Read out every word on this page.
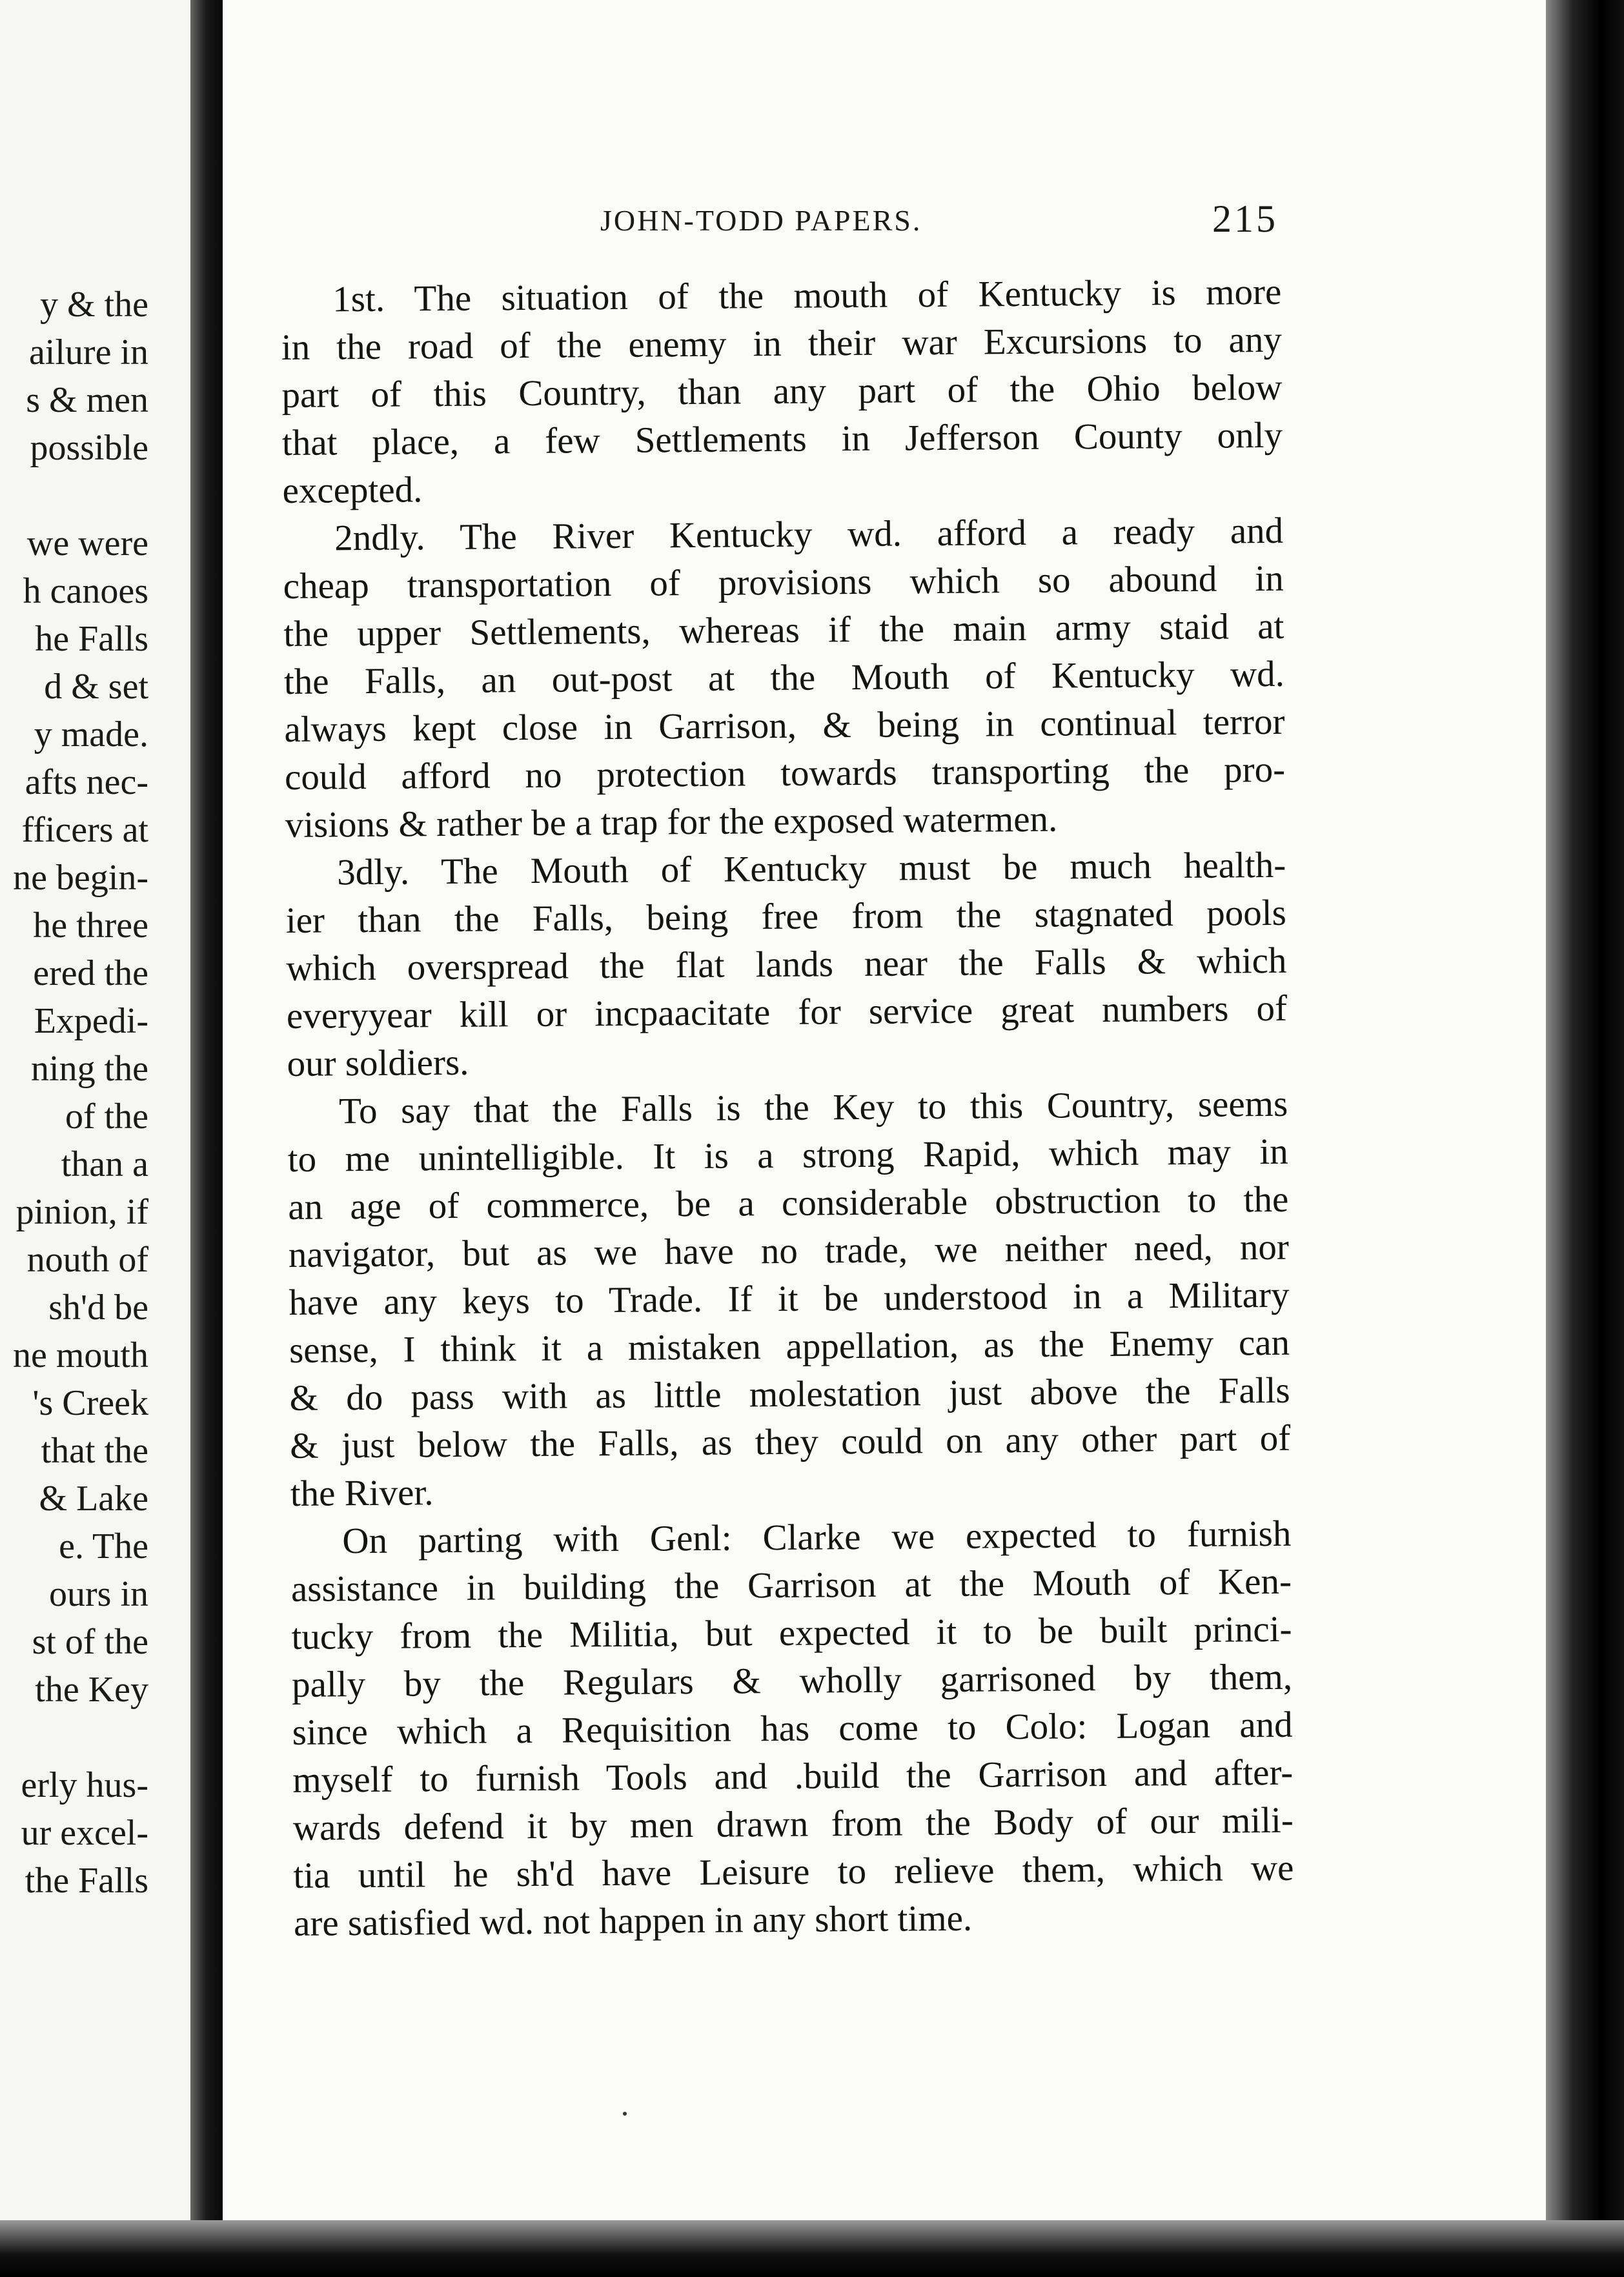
y & the
ailure in
s & men
possible
we were
h canoes
he Falls
d & set
y made.
afts nec-
fficers at
ne begin-
he three
ered the
Expedi-
ning the
of the
than a
pinion, if
nouth of
sh'd be
ne mouth
's Creek
that the
& Lake
e. The
ours in
st of the
the Key
erly hus-
ur excel-
the Falls
JOHN-TODD PAPERS.	215
1st. The situation of the mouth of Kentucky is more
in the road of the enemy in their war Excursions to any
part of this Country, than any part of the Ohio below
that place, a few Settlements in Jefferson County only
excepted.
2ndly. The River Kentucky wd. afford a ready and
cheap transportation of provisions which so abound in
the upper Settlements, whereas if the main army staid at
the Falls, an out-post at the Mouth of Kentucky wd.
always kept close in Garrison, & being in continual terror
could afford no protection towards transporting the pro-
visions & rather be a trap for the exposed watermen.
3dly. The Mouth of Kentucky must be much health-
ier than the Falls, being free from the stagnated pools
which overspread the flat lands near the Falls & which
everyyear kill or incpaacitate for service great numbers of
our soldiers.
To say that the Falls is the Key to this Country, seems
to me unintelligible. It is a strong Rapid, which may in
an age of commerce, be a considerable obstruction to the
navigator, but as we have no trade, we neither need, nor
have any keys to Trade. If it be understood in a Military
sense, I think it a mistaken appellation, as the Enemy can
& do pass with as little molestation just above the Falls
& just below the Falls, as they could on any other part of
the River.
On parting with Genl: Clarke we expected to furnish
assistance in building the Garrison at the Mouth of Ken-
tucky from the Militia, but expected it to be built princi-
pally by the Regulars & wholly garrisoned by them,
since which a Requisition has come to Colo: Logan and
myself to furnish Tools and .build the Garrison and after-
wards defend it by men drawn from the Body of our mili-
tia until he sh'd have Leisure to relieve them, which we
are satisfied wd. not happen in any short time.
